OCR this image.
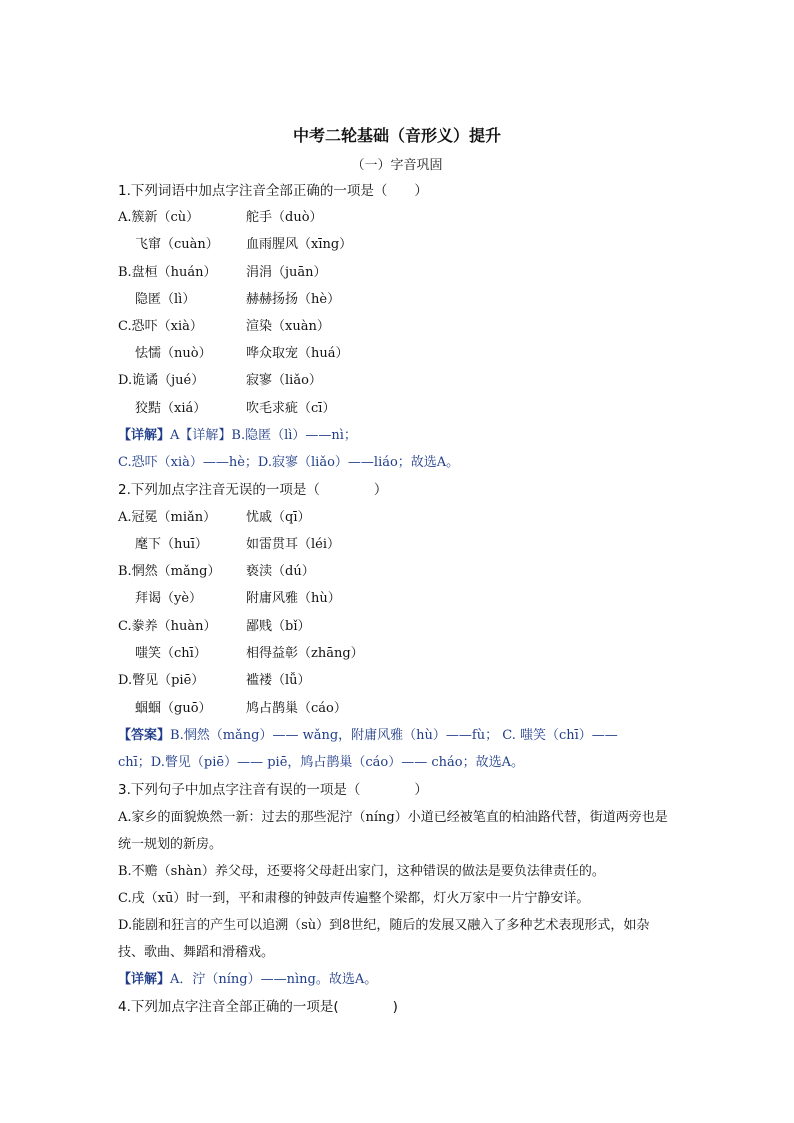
中考二轮基础（音形义）提升
（一）字音巩固
1.下列词语中加点字注音全部正确的一项是（　　）
A.簇新（cù）	舵手（duò）
飞窜（cuàn） 血雨腥风（xīng）
B.盘桓（huán） 涓涓（juān）
隐匿（lì）	赫赫扬扬（hè）
C.恐吓（xià）	渲染（xuàn）
怯懦（nuò）	哗众取宠（huá）
D.诡谲（jué）	寂寥（liǎo）
狡黠（xiá）	吹毛求疵（cī）
【详解】A【详解】B.隐匿（lì）——nì；
C.恐吓（xià）——hè；D.寂寥（liǎo）——liáo；故选A。
2.下列加点字注音无误的一项是（　　　　）
A.冠冕（miǎn） 忧戚（qī）
麾下（huī）	如雷贯耳（léi）
B.惘然（mǎng） 亵渎（dú）
拜谒（yè）	附庸风雅（hù）
C.豢养（huàn） 鄙贱（bǐ）
嗤笑（chī）	相得益彰（zhāng）
D.瞥见（piē）	褴褛（lǚ）
蝈蝈（guō）	鸠占鹊巢（cáo）
【答案】B.惘然（mǎng）—— wǎng，附庸风雅（hù）——fù； C. 嗤笑（chī）——
chī；D.瞥见（piē）—— piē，鸠占鹊巢（cáo）—— cháo；故选A。
3.下列句子中加点字注音有误的一项是（　　　　）
A.家乡的面貌焕然一新：过去的那些泥泞（níng）小道已经被笔直的柏油路代替，街道两旁也是统一规划的新房。
B.不赡（shàn）养父母，还要将父母赶出家门，这种错误的做法是要负法律责任的。
C.戌（xū）时一到，平和肃穆的钟鼓声传遍整个梁都，灯火万家中一片宁静安详。
D.能剧和狂言的产生可以追溯（sù）到8世纪，随后的发展又融入了多种艺术表现形式，如杂技、歌曲、舞蹈和滑稽戏。
【详解】A．泞（níng）——nìng。故选A。
4.下列加点字注音全部正确的一项是(　　　　)
